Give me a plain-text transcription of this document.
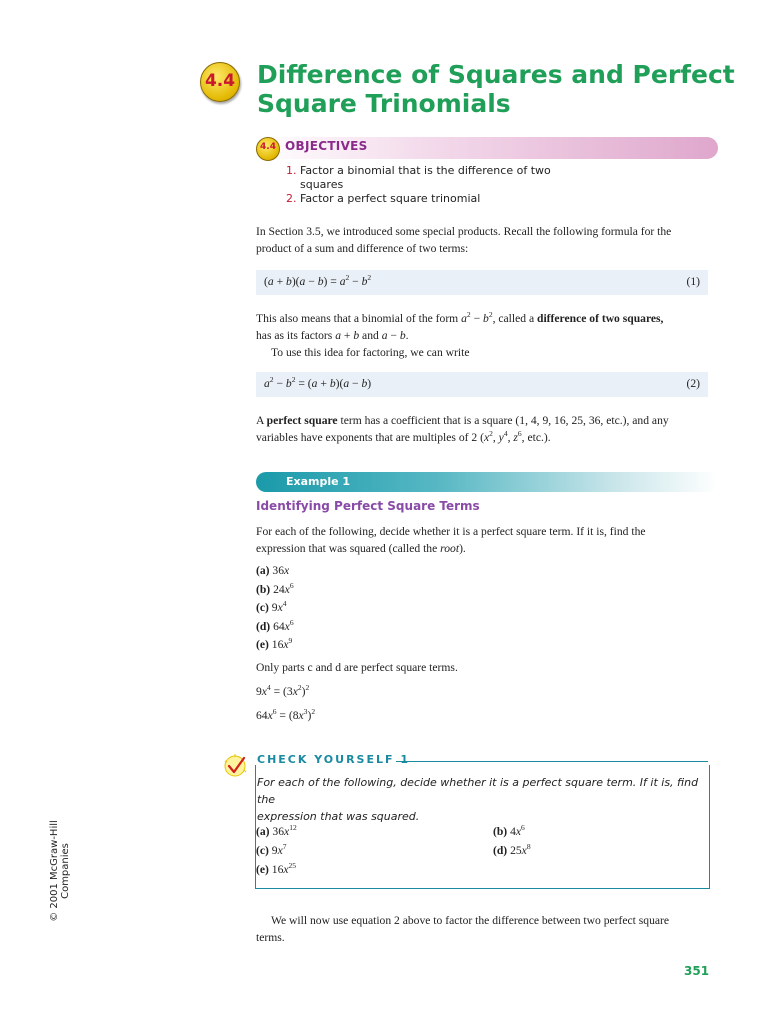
4.4 Difference of Squares and Perfect
Square Trinomials
4.4 OBJECTIVES
1. Factor a binomial that is the difference of two
squares
2. Factor a perfect square trinomial
In Section 3.5, we introduced some special products. Recall the following formula for the
product of a sum and difference of two terms:
$(a + b)(a - b) = a^2 - b^2$	(1)
This also means that a binomial of the form $a^2 - b^2$, called a difference of two squares,
has as its factors a + b and a − b.
To use this idea for factoring, we can write
$a^2 - b^2 = (a + b)(a - b)$	(2)
A perfect square term has a coefficient that is a square (1, 4, 9, 16, 25, 36, etc.), and any
variables have exponents that are multiples of 2 ($x^2$, $y^4$, $z^6$, etc.).
Example 1
Identifying Perfect Square Terms
For each of the following, decide whether it is a perfect square term. If it is, find the
expression that was squared (called the root).
(a) 36x
(b) $24x^6$
(c) $9x^4$
(d) $64x^6$
(e) $16x^9$
Only parts c and d are perfect square terms.
$9x^4 = (3x^2)^2$
$64x^6 = (8x^3)^2$
CHECK YOURSELF 1
For each of the following, decide whether it is a perfect square term. If it is, find the
expression that was squared.
(a) $36x^{12}$
(c) $9x^7$
(e) $16x^{25}$
(b) $4x^6$
(d) $25x^8$
We will now use equation 2 above to factor the difference between two perfect square
terms.
© 2001 McGraw-Hill Companies
351
